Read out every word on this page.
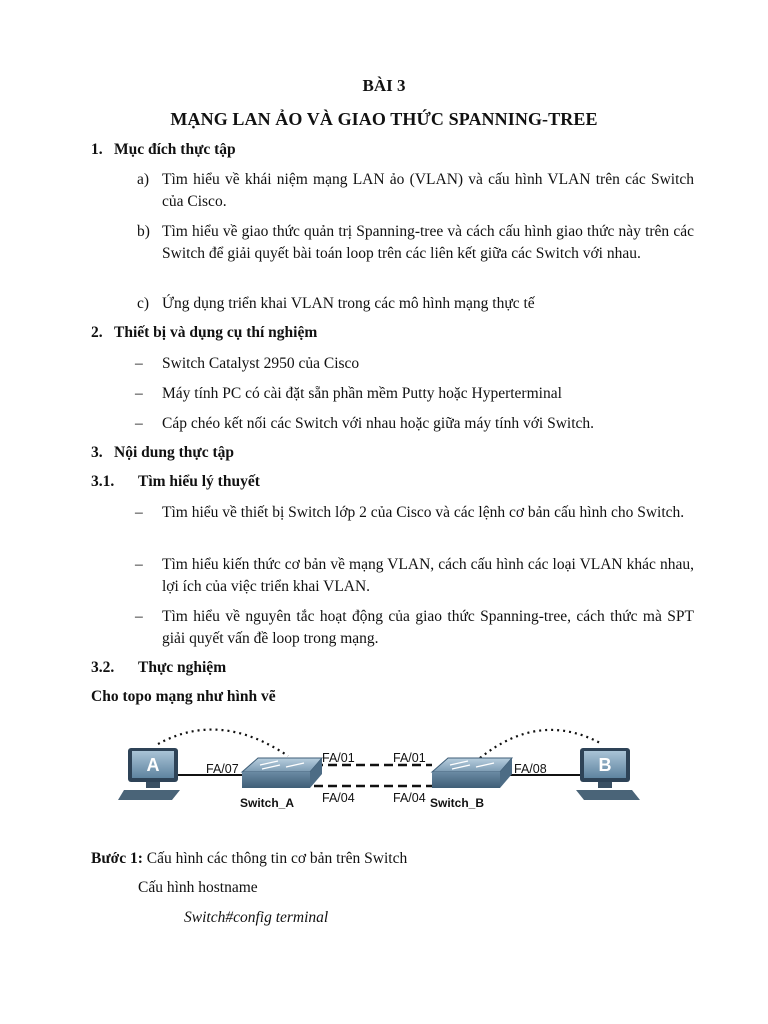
BÀI 3
MẠNG LAN ẢO VÀ GIAO THỨC SPANNING-TREE
1. Mục đích thực tập
a) Tìm hiểu về khái niệm mạng LAN ảo (VLAN) và cấu hình VLAN trên các Switch của Cisco.
b) Tìm hiểu về giao thức quản trị Spanning-tree và cách cấu hình giao thức này trên các Switch để giải quyết bài toán loop trên các liên kết giữa các Switch với nhau.
c) Ứng dụng triển khai VLAN trong các mô hình mạng thực tế
2. Thiết bị và dụng cụ thí nghiệm
– Switch Catalyst 2950 của Cisco
– Máy tính PC có cài đặt sẵn phần mềm Putty hoặc Hyperterminal
– Cáp chéo kết nối các Switch với nhau hoặc giữa máy tính với Switch.
3. Nội dung thực tập
3.1. Tìm hiểu lý thuyết
– Tìm hiểu về thiết bị Switch lớp 2 của Cisco và các lệnh cơ bản cấu hình cho Switch.
– Tìm hiểu kiến thức cơ bản về mạng VLAN, cách cấu hình các loại VLAN khác nhau, lợi ích của việc triển khai VLAN.
– Tìm hiểu về nguyên tắc hoạt động của giao thức Spanning-tree, cách thức mà SPT giải quyết vấn đề loop trong mạng.
3.2. Thực nghiệm
Cho topo mạng như hình vẽ
A	B
FA/07
FA/01	FA/01
FA/04	FA/04
FA/08
Switch_A	Switch_B
Bước 1: Cấu hình các thông tin cơ bản trên Switch
Cấu hình hostname
Switch#config terminal
